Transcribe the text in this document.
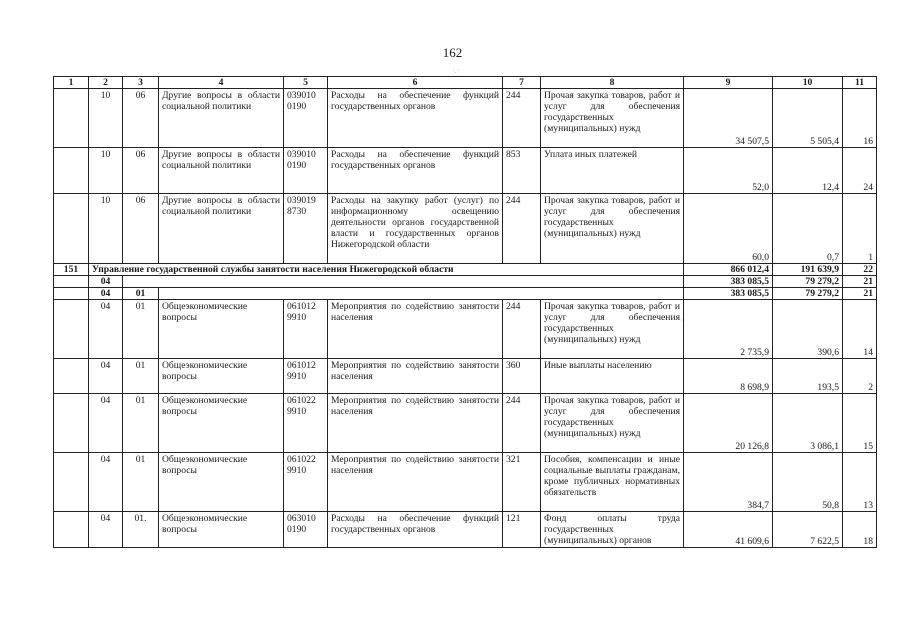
162
1	2	3	4	5	6	7	8	9	10	11
	10	06	Другие вопросы в области социальной политики	039010 0190	Расходы на обеспечение функций государственных органов	244	Прочая закупка товаров, работ и услуг для обеспечения государственных (муниципальных) нужд	34 507,5	5 505,4	16
	10	06	Другие вопросы в области социальной политики	039010 0190	Расходы на обеспечение функций государственных органов	853	Уплата иных платежей	52,0	12,4	24
	10	06	Другие вопросы в области социальной политики	039019 8730	Расходы на закупку работ (услуг) по информационному освещению деятельности органов государственной власти и государственных органов Нижегородской области	244	Прочая закупка товаров, работ и услуг для обеспечения государственных (муниципальных) нужд	60,0	0,7	1
151	Управление государственной службы занятости населения Нижегородской области							866 012,4	191 639,9	22
	04							383 085,5	79 279,2	21
	04	01						383 085,5	79 279,2	21
	04	01	Общеэкономические вопросы	061012 9910	Мероприятия по содействию занятости населения	244	Прочая закупка товаров, работ и услуг для обеспечения государственных (муниципальных) нужд	2 735,9	390,6	14
	04	01	Общеэкономические вопросы	061012 9910	Мероприятия по содействию занятости населения	360	Иные выплаты населению	8 698,9	193,5	2
	04	01	Общеэкономические вопросы	061022 9910	Мероприятия по содействию занятости населения	244	Прочая закупка товаров, работ и услуг для обеспечения государственных (муниципальных) нужд	20 126,8	3 086,1	15
	04	01	Общеэкономические вопросы	061022 9910	Мероприятия по содействию занятости населения	321	Пособия, компенсации и иные социальные выплаты гражданам, кроме публичных нормативных обязательств	384,7	50,8	13
	04	01.	Общеэкономические вопросы	063010 0190	Расходы на обеспечение функций государственных органов	121	Фонд оплаты труда государственных (муниципальных) органов	41 609,6	7 622,5	18
·.·
·
